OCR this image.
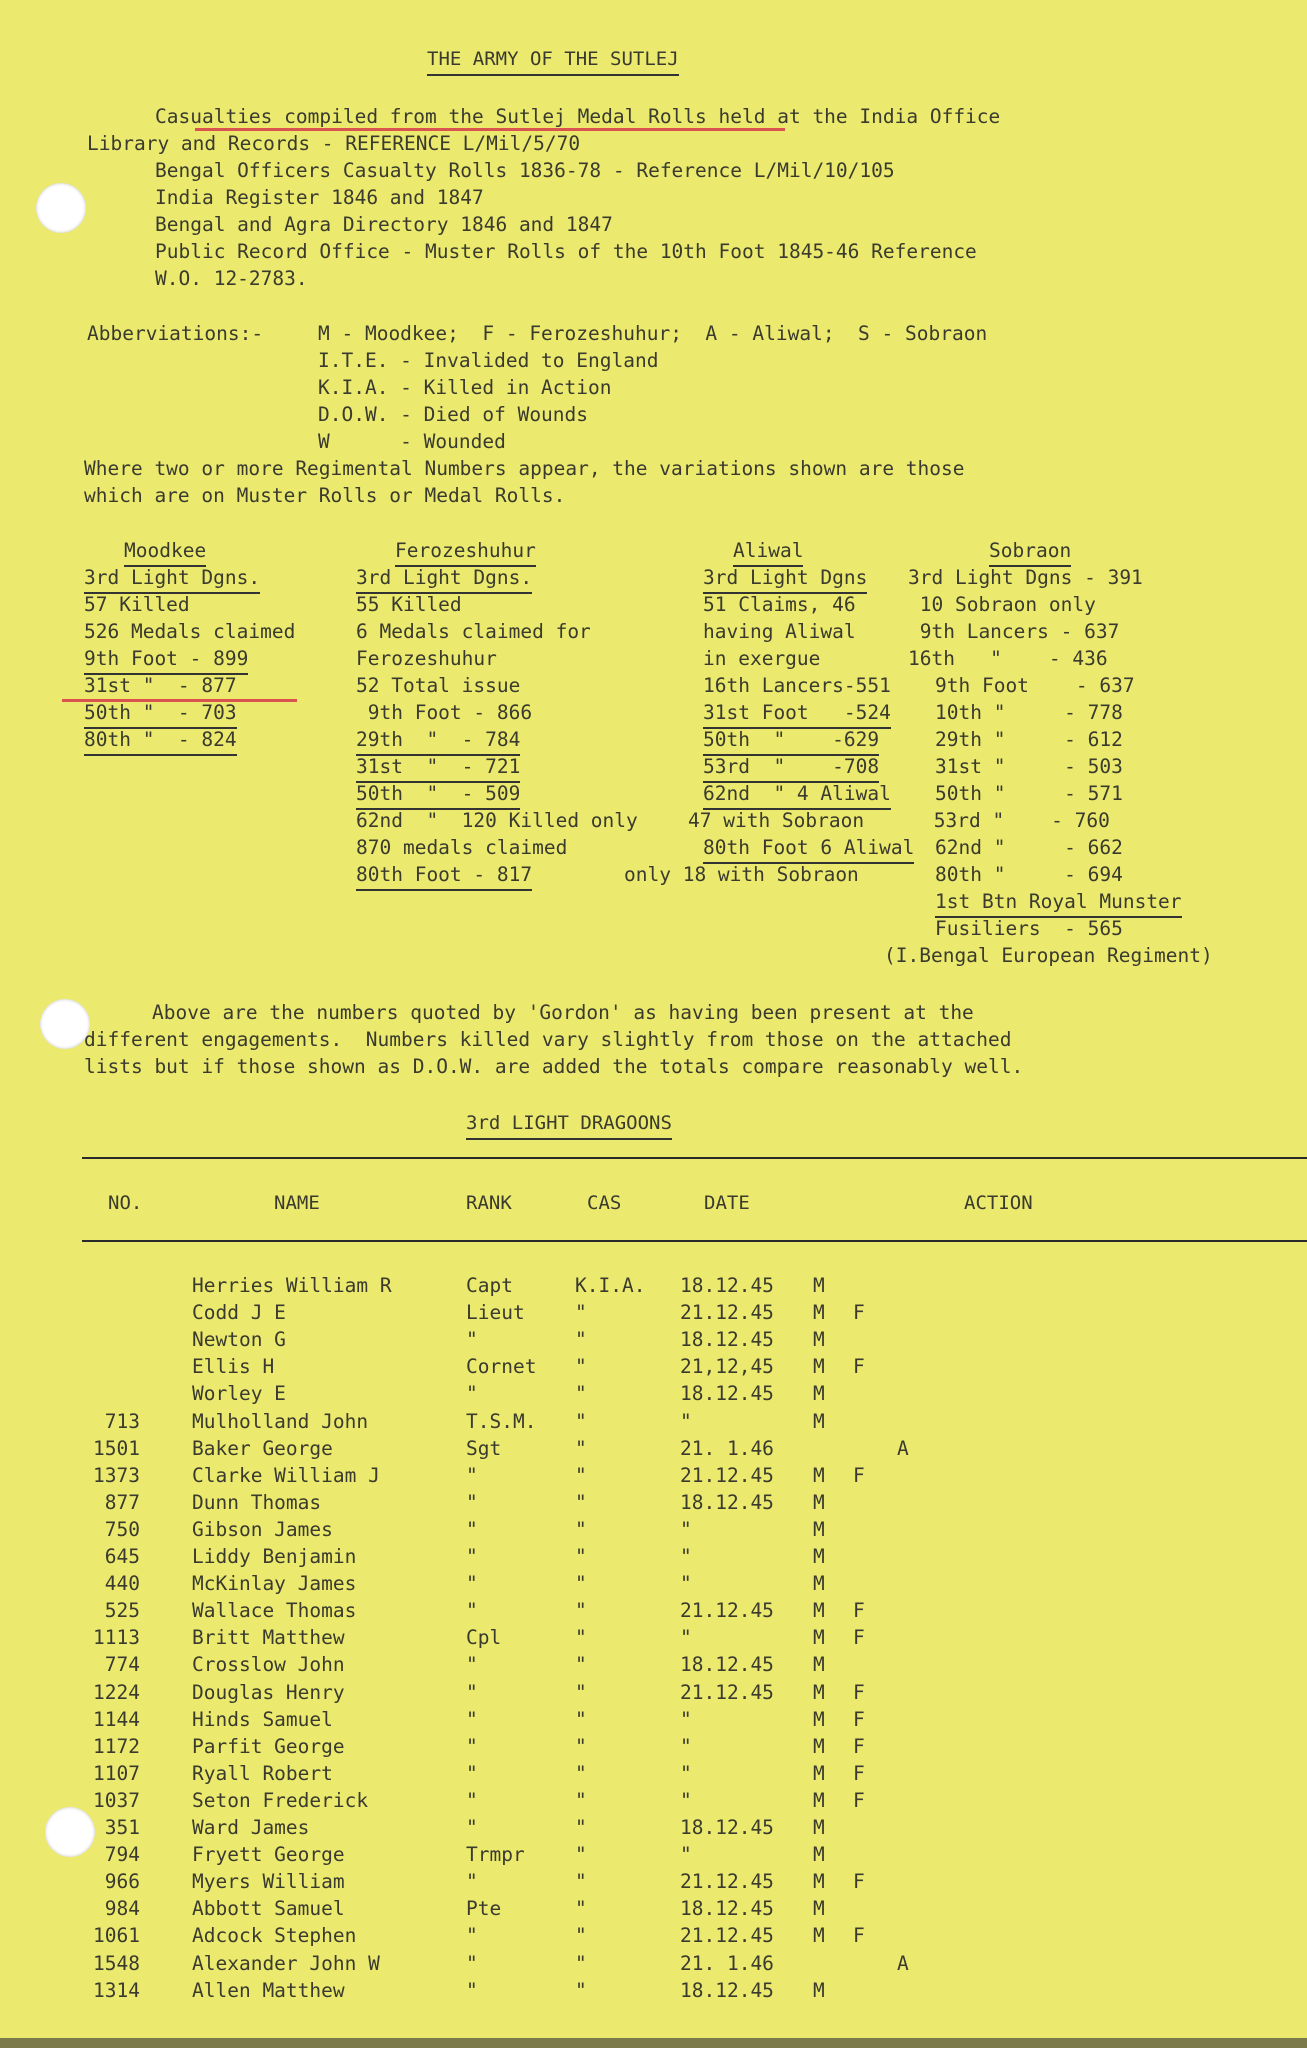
THE ARMY OF THE SUTLEJ
Casualties compiled from the Sutlej Medal Rolls held at the India Office
Library and Records - REFERENCE L/Mil/5/70
Bengal Officers Casualty Rolls 1836-78 - Reference L/Mil/10/105
India Register 1846 and 1847
Bengal and Agra Directory 1846 and 1847
Public Record Office - Muster Rolls of the 10th Foot 1845-46 Reference
W.O. 12-2783.
Abberviations:-	M - Moodkee;  F - Ferozeshuhur;  A - Aliwal;  S - Sobraon
I.T.E. - Invalided to England
K.I.A. - Killed in Action
D.O.W. - Died of Wounds
W      - Wounded
Where two or more Regimental Numbers appear, the variations shown are those
which are on Muster Rolls or Medal Rolls.
Moodkee
3rd Light Dgns.
57 Killed
526 Medals claimed
9th Foot - 899
31st "  - 877
50th "  - 703
80th "  - 824
Ferozeshuhur
3rd Light Dgns.
55 Killed
6 Medals claimed for
Ferozeshuhur
52 Total issue
9th Foot - 866
29th  "  - 784
31st  "  - 721
50th  "  - 509
62nd  "  120 Killed only
870 medals claimed
80th Foot - 817
Aliwal
3rd Light Dgns
51 Claims, 46
having Aliwal
in exergue
16th Lancers-551
31st Foot   -524
50th  "    -629
53rd  "    -708
62nd  " 4 Aliwal
47 with Sobraon
80th Foot 6 Aliwal
only 18 with Sobraon
Sobraon
3rd Light Dgns - 391
10 Sobraon only
9th Lancers - 637
16th   "    - 436
9th Foot    - 637
10th "     - 778
29th "     - 612
31st "     - 503
50th "     - 571
53rd "    - 760
62nd "     - 662
80th "     - 694
1st Btn Royal Munster
Fusiliers  - 565
(I.Bengal European Regiment)
Above are the numbers quoted by 'Gordon' as having been present at the
different engagements.  Numbers killed vary slightly from those on the attached
lists but if those shown as D.O.W. are added the totals compare reasonably well.
3rd LIGHT DRAGOONS
NO.	NAME	RANK	CAS	DATE	ACTION
Herries William R	Capt	K.I.A. 18.12.45 M
Codd J E	Lieut	"	21.12.45 M F
Newton G	"	"	18.12.45 M
Ellis H	Cornet "	21,12,45 M F
Worley E	"	"	18.12.45 M
713	Mulholland John	T.S.M. "	"	M
1501	Baker George	Sgt	"	21. 1.46	A
1373	Clarke William J	"	"	21.12.45 M F
877	Dunn Thomas	"	"	18.12.45 M
750	Gibson James	"	"	"	M
645	Liddy Benjamin	"	"	"	M
440	McKinlay James	"	"	"	M
525	Wallace Thomas	"	"	21.12.45 M F
1113	Britt Matthew	Cpl	"	"	M F
774	Crosslow John	"	"	18.12.45 M
1224	Douglas Henry	"	"	21.12.45 M F
1144	Hinds Samuel	"	"	"	M F
1172	Parfit George	"	"	"	M F
1107	Ryall Robert	"	"	"	M F
1037	Seton Frederick	"	"	"	M F
351	Ward James	"	"	18.12.45 M
794	Fryett George	Trmpr	"	"	M
966	Myers William	"	"	21.12.45 M F
984	Abbott Samuel	Pte	"	18.12.45 M
1061	Adcock Stephen	"	"	21.12.45 M F
1548	Alexander John W	"	"	21. 1.46	A
1314	Allen Matthew	"	"	18.12.45 M
